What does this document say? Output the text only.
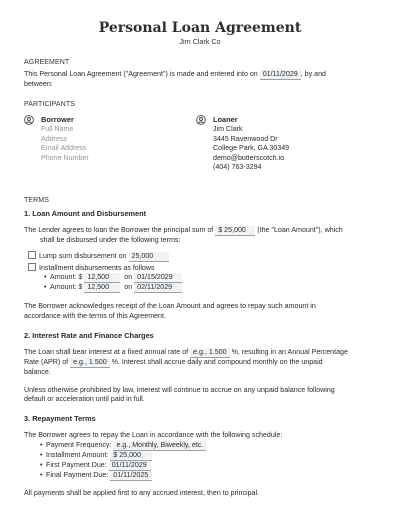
Personal Loan Agreement
Jim Clark Co
AGREEMENT

This Personal Loan Agreement ("Agreement") is made and entered into on 01/11/2029 , by and
between:

PARTICIPANTS
Borrower
Full Name
Address
Email Address
Phone Number
Loaner
Jim Clark
3445 Ravenwood Dr
College Park, GA 30349
demo@butterscotch.io
(404) 763-3294
TERMS
1. Loan Amount and Disbursement

The Lender agrees to loan the Borrower the principal sum of $ 25,000 (the "Loan Amount"), which
shall be disbursed under the following terms:

Lump sum disbursement on 25,000
Installment disbursements as follows
• Amount: $ 12,500 on 01/15/2029
• Amount: $ 12,500 on 02/11/2029

The Borrower acknowledges receipt of the Loan Amount and agrees to repay such amount in
accordance with the terms of this Agreement.

2. Interest Rate and Finance Charges

The Loan shall bear interest at a fixed annual rate of e.g., 1.500 %, resulting in an Annual Percentage
Rate (APR) of e.g., 1.500 %. Interest shall accrue daily and compound monthly on the unpaid
balance.

Unless otherwise prohibited by law, interest will continue to accrue on any unpaid balance following
default or acceleration until paid in full.

3. Repayment Terms

The Borrower agrees to repay the Loan in accordance with the following schedule:

• Payment Frequency: e.g., Monthly, Biweekly, etc.
• Installment Amount: $ 25,000
• First Payment Due: 01/11/2029
• Final Payment Due: 01/11/2025

All payments shall be applied first to any accrued interest, then to principal.
